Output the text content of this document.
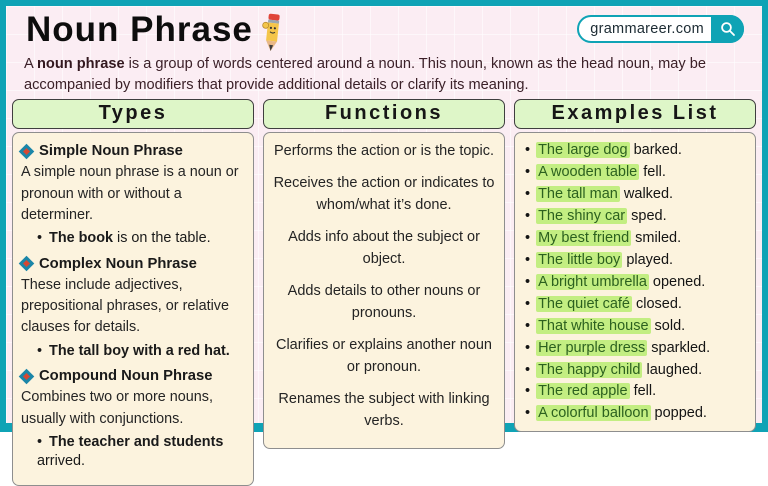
Noun Phrase	grammareer.com

A noun phrase is a group of words centered around a noun. This noun, known as the head noun, may be accompanied by modifiers that provide additional details or clarify its meaning.

Types
Simple Noun Phrase
A simple noun phrase is a noun or pronoun with or without a determiner.
• The book is on the table.
Complex Noun Phrase
These include adjectives, prepositional phrases, or relative clauses for details.
• The tall boy with a red hat.
Compound Noun Phrase
Combines two or more nouns, usually with conjunctions.
• The teacher and students arrived.
Functions

Performs the action or is the topic.

Receives the action or indicates to whom/what it’s done.

Adds info about the subject or object.

Adds details to other nouns or pronouns.

Clarifies or explains another noun or pronoun.

Renames the subject with linking verbs.

Examples List
• The large dog barked.
• A wooden table fell.
• The tall man walked.
• The shiny car sped.
• My best friend smiled.
• The little boy played.
• A bright umbrella opened.
• The quiet café closed.
• That white house sold.
• Her purple dress sparkled.
• The happy child laughed.
• The red apple fell.
• A colorful balloon popped.
